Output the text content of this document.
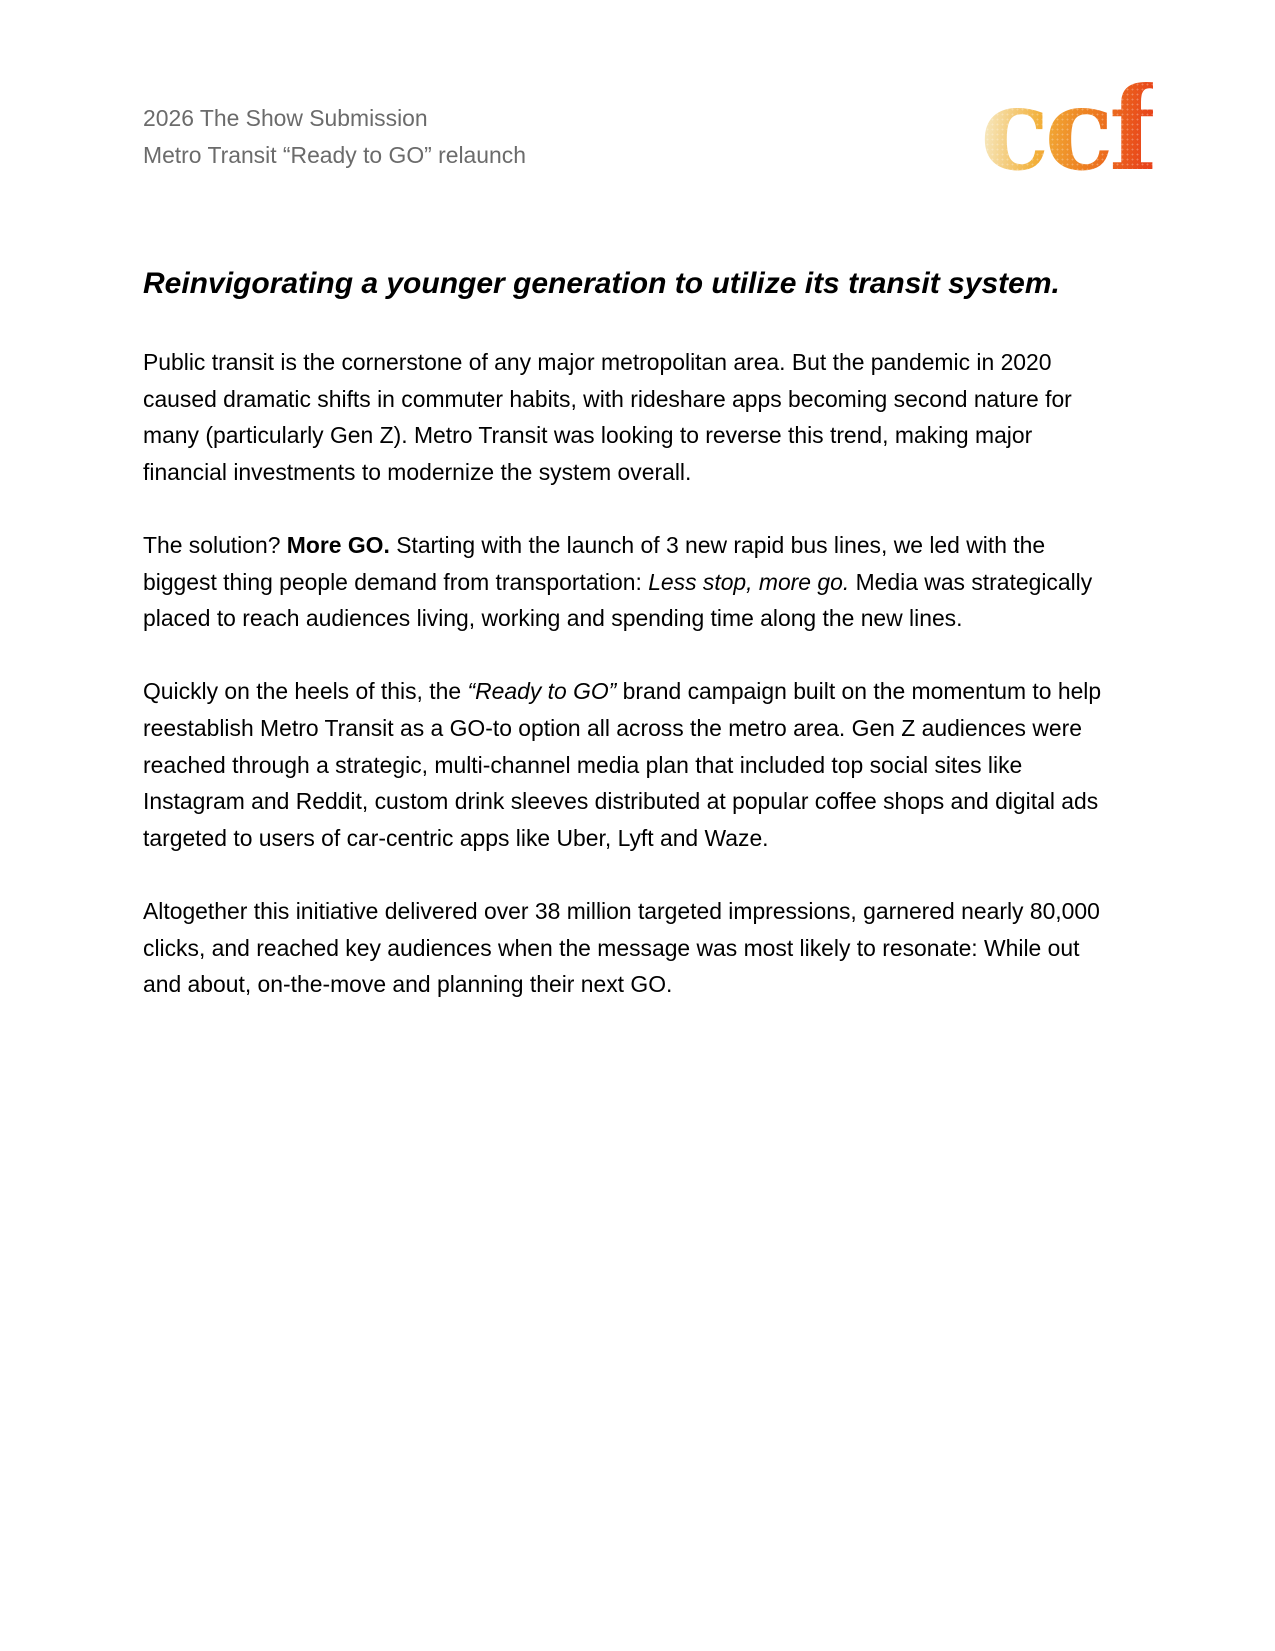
2026 The Show Submission
Metro Transit “Ready to GO” relaunch	ccf
Reinvigorating a younger generation to utilize its transit system.

Public transit is the cornerstone of any major metropolitan area. But the pandemic in 2020 caused dramatic shifts in commuter habits, with rideshare apps becoming second nature for many (particularly Gen Z). Metro Transit was looking to reverse this trend, making major financial investments to modernize the system overall.

The solution? More GO. Starting with the launch of 3 new rapid bus lines, we led with the biggest thing people demand from transportation: Less stop, more go. Media was strategically placed to reach audiences living, working and spending time along the new lines.

Quickly on the heels of this, the “Ready to GO” brand campaign built on the momentum to help reestablish Metro Transit as a GO-to option all across the metro area. Gen Z audiences were reached through a strategic, multi-channel media plan that included top social sites like Instagram and Reddit, custom drink sleeves distributed at popular coffee shops and digital ads targeted to users of car-centric apps like Uber, Lyft and Waze.

Altogether this initiative delivered over 38 million targeted impressions, garnered nearly 80,000 clicks, and reached key audiences when the message was most likely to resonate: While out and about, on-the-move and planning their next GO.
